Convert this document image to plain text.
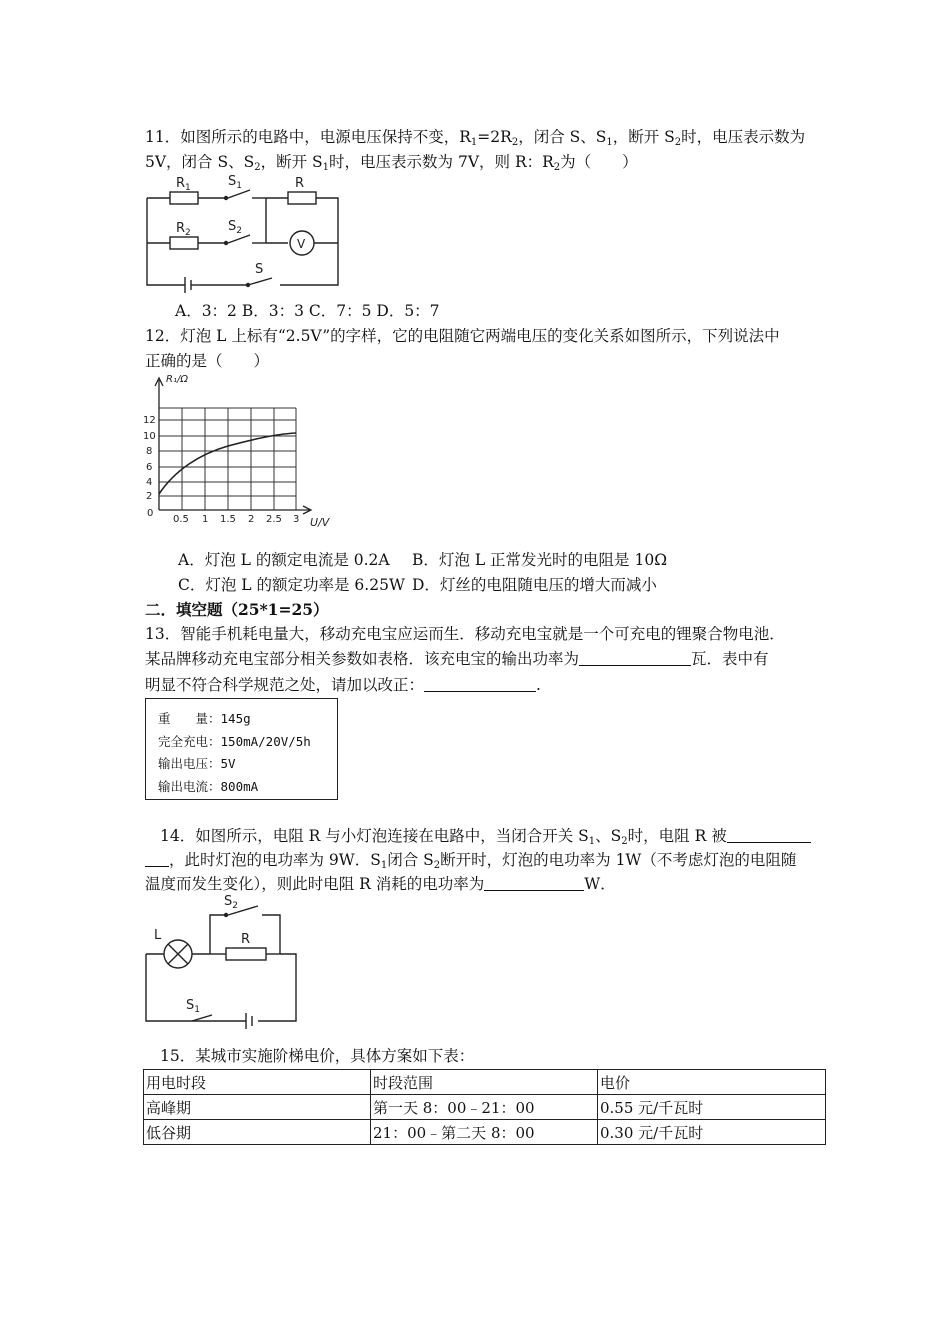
11．如图所示的电路中，电源电压保持不变，$R_1=2R_2$，闭合 S、$S_1$，断开 $S_2$时，电压表示数为
5V，闭合 S、$S_2$，断开 $S_1$时，电压表示数为 7V，则 R：$R_2$为（　　）
$R_1$	$S_1$	R
$R_2$	$S_2$
V
S
A．3：2 B．3：3 C．7：5 D．5：7
12．灯泡 L 上标有“2.5V”的字样，它的电阻随它两端电压的变化关系如图所示，下列说法中
正确的是（　　）
R₁/Ω
U/V
0
2
4
6
8
10
12
0.5 1 1.5 2 2.5 3
A．灯泡 L 的额定电流是 0.2A B．灯泡 L 正常发光时的电阻是 10Ω
C．灯泡 L 的额定功率是 6.25W D．灯丝的电阻随电压的增大而减小
二．填空题（25*1=25）
13．智能手机耗电量大，移动充电宝应运而生．移动充电宝就是一个可充电的锂聚合物电池．
某品牌移动充电宝部分相关参数如表格．该充电宝的输出功率为	瓦．表中有
明显不符合科学规范之处，请加以改正：	.
重　　量：145g
完全充电：150mA/20V/5h
输出电压：5V
输出电流：800mA
14．如图所示，电阻 R 与小灯泡连接在电路中，当闭合开关 $S_1$、$S_2$时，电阻 R 被
，此时灯泡的电功率为 9W．$S_1$闭合 $S_2$断开时，灯泡的电功率为 1W（不考虑灯泡的电阻随
温度而发生变化），则此时电阻 R 消耗的电功率为	W．
$S_2$
L	R
$S_1$
15．某城市实施阶梯电价，具体方案如下表：
用电时段	时段范围	电价
高峰期	第一天 8：00﹣21：00	0.55 元/千瓦时
低谷期	21：00﹣第二天 8：00	0.30 元/千瓦时
